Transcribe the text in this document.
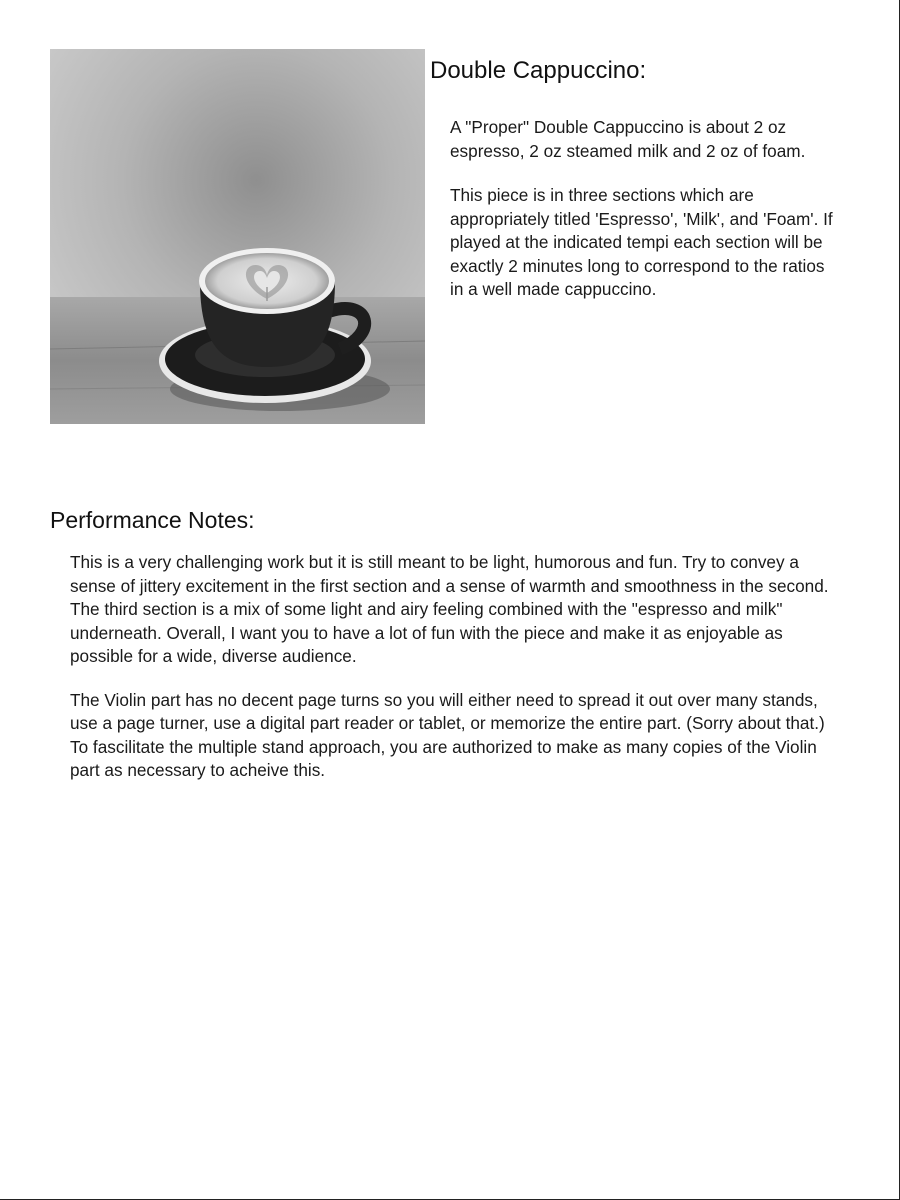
Double Cappuccino:

A "Proper" Double Cappuccino is about 2 oz espresso, 2 oz steamed milk and 2 oz of foam.

This piece is in three sections which are appropriately titled 'Espresso', 'Milk', and 'Foam'. If played at the indicated tempi each section will be exactly 2 minutes long to correspond to the ratios in a well made cappuccino.

Performance Notes:

This is a very challenging work but it is still meant to be light, humorous and fun. Try to convey a sense of jittery excitement in the first section and a sense of warmth and smoothness in the second. The third section is a mix of some light and airy feeling combined with the "espresso and milk" underneath. Overall, I want you to have a lot of fun with the piece and make it as enjoyable as possible for a wide, diverse audience.

The Violin part has no decent page turns so you will either need to spread it out over many stands, use a page turner, use a digital part reader or tablet, or memorize the entire part. (Sorry about that.) To fascilitate the multiple stand approach, you are authorized to make as many copies of the Violin part as necessary to acheive this.
